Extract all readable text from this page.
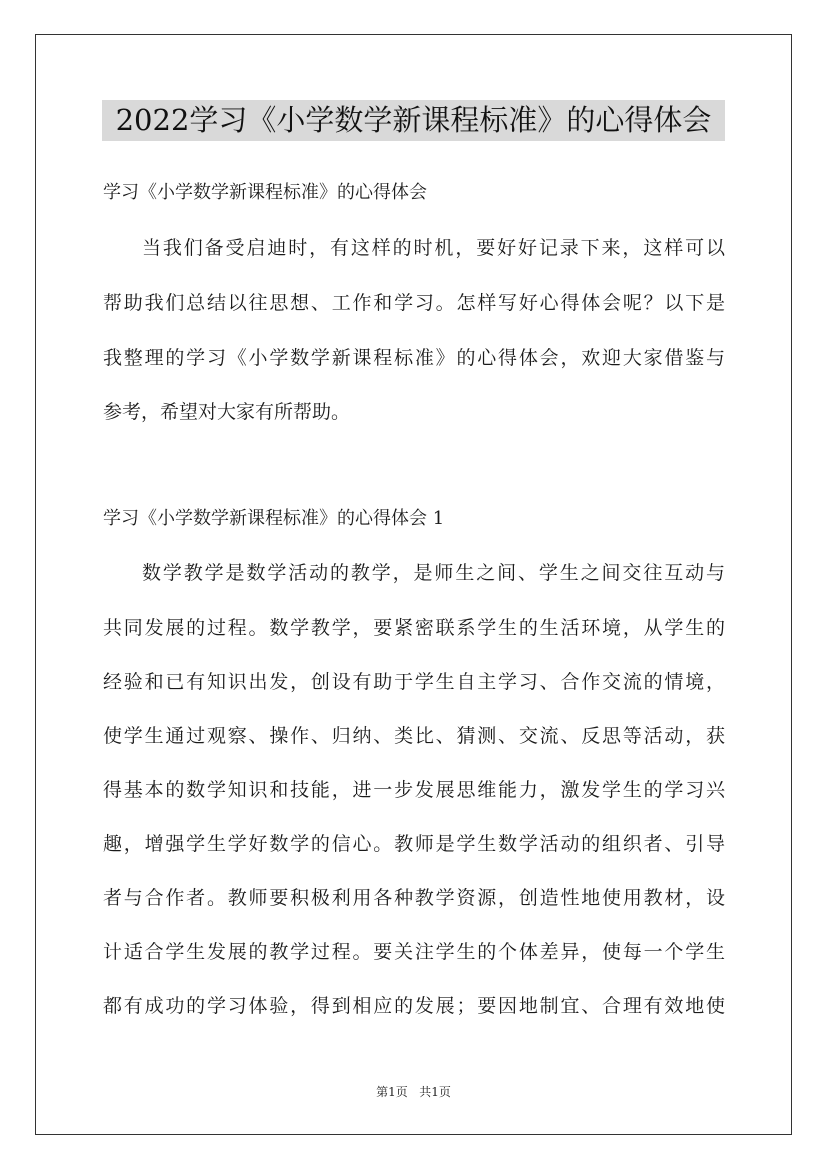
2022学习《小学数学新课程标准》的心得体会
学习《小学数学新课程标准》的心得体会
当我们备受启迪时，有这样的时机，要好好记录下来，这样可以
帮助我们总结以往思想、工作和学习。怎样写好心得体会呢？以下是
我整理的学习《小学数学新课程标准》的心得体会，欢迎大家借鉴与
参考，希望对大家有所帮助。
学习《小学数学新课程标准》的心得体会 1
数学教学是数学活动的教学，是师生之间、学生之间交往互动与
共同发展的过程。数学教学，要紧密联系学生的生活环境，从学生的
经验和已有知识出发，创设有助于学生自主学习、合作交流的情境，
使学生通过观察、操作、归纳、类比、猜测、交流、反思等活动，获
得基本的数学知识和技能，进一步发展思维能力，激发学生的学习兴
趣，增强学生学好数学的信心。教师是学生数学活动的组织者、引导
者与合作者。教师要积极利用各种教学资源，创造性地使用教材，设
计适合学生发展的教学过程。要关注学生的个体差异，使每一个学生
都有成功的学习体验，得到相应的发展；要因地制宜、合理有效地使
第1页   共1页
